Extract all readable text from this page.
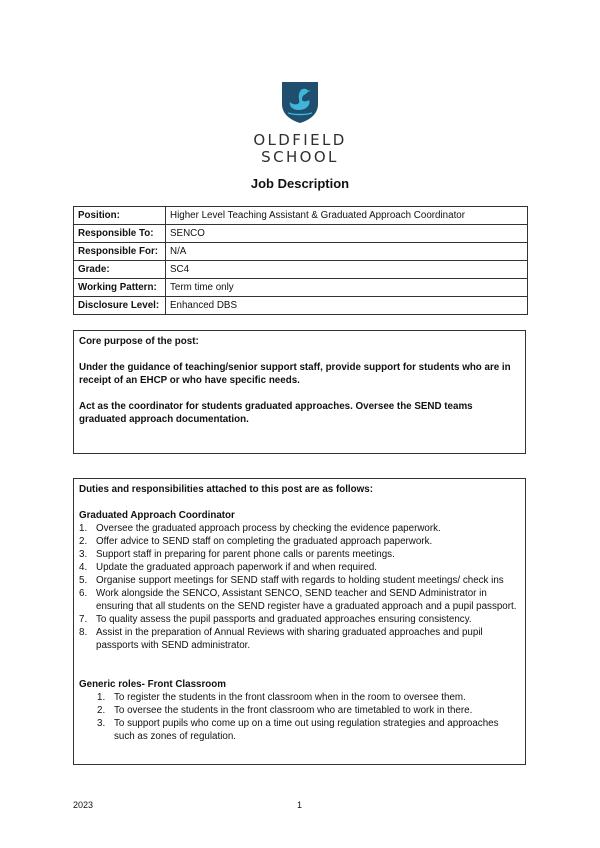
OLDFIELD
SCHOOL
Job Description
Position:	Higher Level Teaching Assistant & Graduated Approach Coordinator
Responsible To:	SENCO
Responsible For:	N/A
Grade:	SC4
Working Pattern:	Term time only
Disclosure Level:	Enhanced DBS

Core purpose of the post:

Under the guidance of teaching/senior support staff, provide support for students who are in receipt of an EHCP or who have specific needs.

Act as the coordinator for students graduated approaches. Oversee the SEND teams graduated approach documentation.

Duties and responsibilities attached to this post are as follows:
Graduated Approach Coordinator
1. Oversee the graduated approach process by checking the evidence paperwork.
2. Offer advice to SEND staff on completing the graduated approach paperwork.
3. Support staff in preparing for parent phone calls or parents meetings.
4. Update the graduated approach paperwork if and when required.
5. Organise support meetings for SEND staff with regards to holding student meetings/ check ins
6. Work alongside the SENCO, Assistant SENCO, SEND teacher and SEND Administrator in ensuring that all students on the SEND register have a graduated approach and a pupil passport.
7. To quality assess the pupil passports and graduated approaches ensuring consistency.
8. Assist in the preparation of Annual Reviews with sharing graduated approaches and pupil passports with SEND administrator.
Generic roles- Front Classroom
1. To register the students in the front classroom when in the room to oversee them.
2. To oversee the students in the front classroom who are timetabled to work in there.
3. To support pupils who come up on a time out using regulation strategies and approaches such as zones of regulation.
2023	1
